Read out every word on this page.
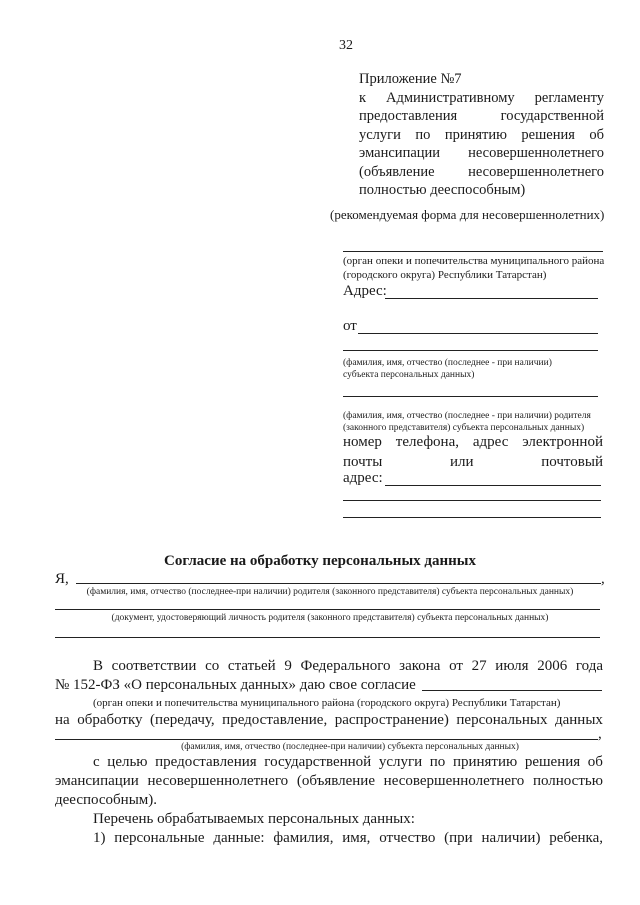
32
Приложение №7
к Административному регламенту
предоставления	государственной
услуги по принятию решения об
эмансипации несовершеннолетнего
(объявление несовершеннолетнего
полностью дееспособным)
(рекомендуемая форма для несовершеннолетних)
(орган опеки и попечительства муниципального района (городского округа) Республики Татарстан)
Адрес:
от
(фамилия, имя, отчество (последнее - при наличии) субъекта персональных данных)
(фамилия, имя, отчество (последнее - при наличии) родителя (законного представителя) субъекта персональных данных)
номер телефона, адрес электронной
почты	или	почтовый
адрес:
Согласие на обработку персональных данных
Я,	,
(фамилия, имя, отчество (последнее-при наличии) родителя (законного представителя) субъекта персональных данных)
(документ, удостоверяющий личность родителя (законного представителя) субъекта персональных данных)
В соответствии со статьей 9 Федерального закона от 27 июля 2006 года
№ 152-ФЗ «О персональных данных» даю свое согласие
(орган опеки и попечительства муниципального района (городского округа) Республики Татарстан)
на обработку (передачу, предоставление, распространение) персональных данных
,
(фамилия, имя, отчество (последнее-при наличии) субъекта персональных данных)
с целью предоставления государственной услуги по принятию решения об
эмансипации несовершеннолетнего (объявление несовершеннолетнего полностью
дееспособным).
Перечень обрабатываемых персональных данных:
1) персональные данные: фамилия, имя, отчество (при наличии) ребенка,
